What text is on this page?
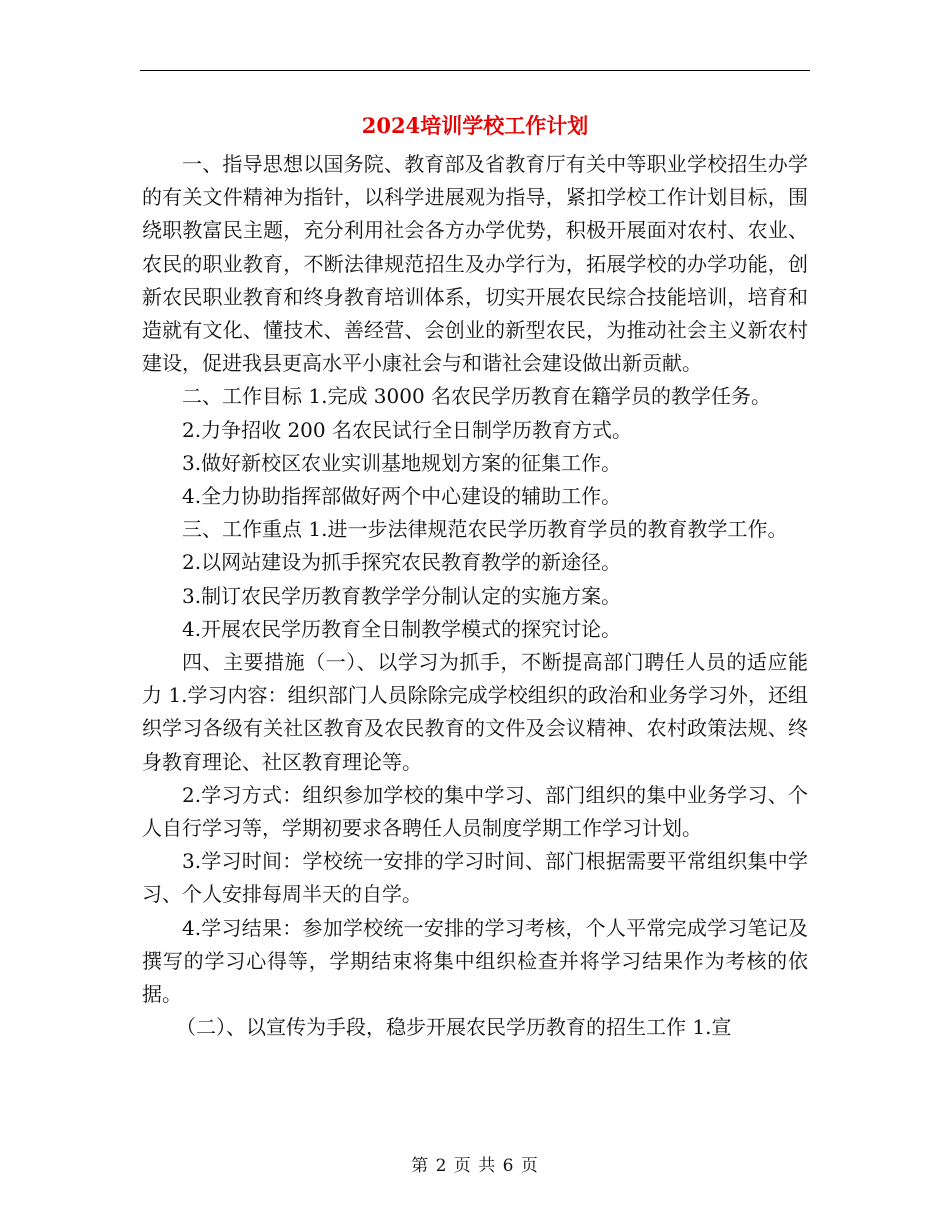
2024培训学校工作计划

一、指导思想以国务院、教育部及省教育厅有关中等职业学校招生办学的有关文件精神为指针，以科学进展观为指导，紧扣学校工作计划目标，围绕职教富民主题，充分利用社会各方办学优势，积极开展面对农村、农业、农民的职业教育，不断法律规范招生及办学行为，拓展学校的办学功能，创新农民职业教育和终身教育培训体系，切实开展农民综合技能培训，培育和造就有文化、懂技术、善经营、会创业的新型农民，为推动社会主义新农村建设，促进我县更高水平小康社会与和谐社会建设做出新贡献。

二、工作目标 1.完成 3000 名农民学历教育在籍学员的教学任务。

2.力争招收 200 名农民试行全日制学历教育方式。

3.做好新校区农业实训基地规划方案的征集工作。

4.全力协助指挥部做好两个中心建设的辅助工作。

三、工作重点 1.进一步法律规范农民学历教育学员的教育教学工作。

2.以网站建设为抓手探究农民教育教学的新途径。

3.制订农民学历教育教学学分制认定的实施方案。

4.开展农民学历教育全日制教学模式的探究讨论。

四、主要措施（一）、以学习为抓手，不断提高部门聘任人员的适应能力 1.学习内容：组织部门人员除除完成学校组织的政治和业务学习外，还组织学习各级有关社区教育及农民教育的文件及会议精神、农村政策法规、终身教育理论、社区教育理论等。

2.学习方式：组织参加学校的集中学习、部门组织的集中业务学习、个人自行学习等，学期初要求各聘任人员制度学期工作学习计划。

3.学习时间：学校统一安排的学习时间、部门根据需要平常组织集中学习、个人安排每周半天的自学。

4.学习结果：参加学校统一安排的学习考核，个人平常完成学习笔记及撰写的学习心得等，学期结束将集中组织检查并将学习结果作为考核的依据。

（二）、以宣传为手段，稳步开展农民学历教育的招生工作 1.宣

第 2 页 共 6 页
